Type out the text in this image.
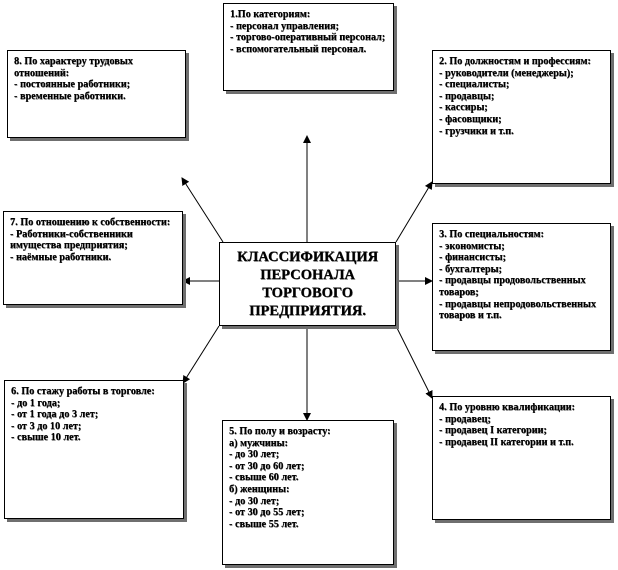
КЛАССИФИКАЦИЯ ПЕРСОНАЛА ТОРГОВОГО ПРЕДПРИЯТИЯ.
1.По категориям:
- персонал управления;
- торгово-оперативный персонал;
- вспомогательный персонал.
8. По характеру трудовых отношений:
- постоянные работники;
- временные работники.
2. По должностям и профессиям:
- руководители (менеджеры);
- специалисты;
- продавцы;
- кассиры;
- фасовщики;
- грузчики и т.п.
7. По отношению к собственности:
- Работники-собственники имущества предприятия;
- наёмные работники.
3. По специальностям:
- экономисты;
- финансисты;
- бухгалтеры;
- продавцы продовольственных товаров;
- продавцы непродовольственных товаров и т.п.
6. По стажу работы в торговле:
- до 1 года;
- от 1 года до 3 лет;
- от 3 до 10 лет;
- свыше 10 лет.
4. По уровню квалификации:
- продавец;
- продавец I категории;
- продавец II категории и т.п.
5. По полу и возрасту:
а) мужчины:
- до 30 лет;
- от 30 до 60 лет;
- свыше 60 лет.
б) женщины:
- до 30 лет;
- от 30 до 55 лет;
- свыше 55 лет.
